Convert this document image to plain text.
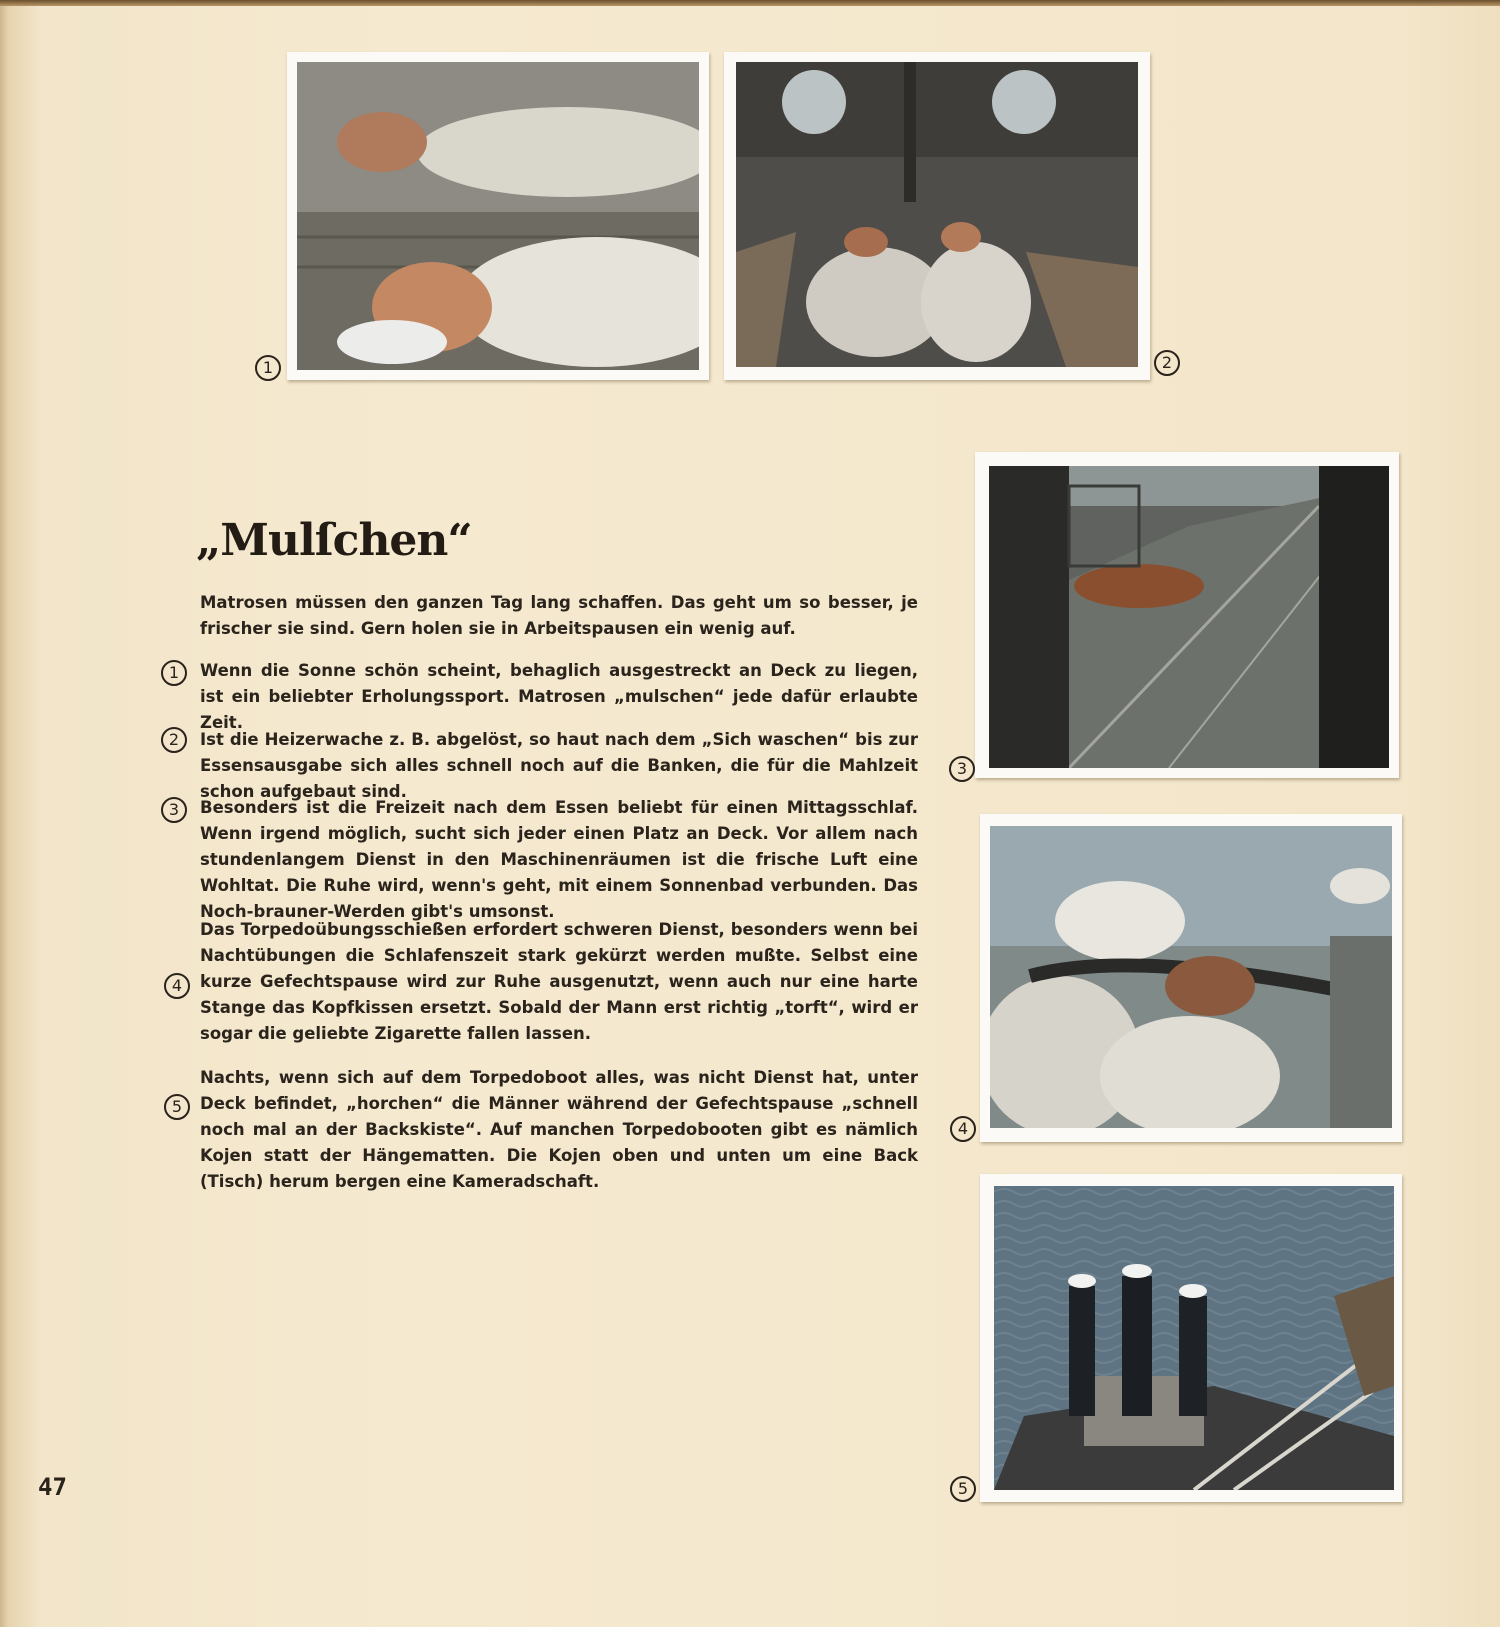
1	2
3
4
5
„Mulſchen“
Matrosen müssen den ganzen Tag lang schaffen. Das geht um so besser, je frischer sie sind. Gern holen sie in Arbeitspausen ein wenig auf.
1	Wenn die Sonne schön scheint, behaglich ausgestreckt an Deck zu liegen, ist ein beliebter Erholungssport. Matrosen „mulschen“ jede dafür erlaubte Zeit.
2	Ist die Heizerwache z. B. abgelöst, so haut nach dem „Sich waschen“ bis zur Essensausgabe sich alles schnell noch auf die Banken, die für die Mahlzeit schon aufgebaut sind.
3	Besonders ist die Freizeit nach dem Essen beliebt für einen Mittagsschlaf. Wenn irgend möglich, sucht sich jeder einen Platz an Deck. Vor allem nach stundenlangem Dienst in den Maschinenräumen ist die frische Luft eine Wohltat. Die Ruhe wird, wenn's geht, mit einem Sonnenbad verbunden. Das Noch-brauner-Werden gibt's umsonst.
4
Das Torpedoübungsschießen erfordert schweren Dienst, besonders wenn bei Nachtübungen die Schlafenszeit stark gekürzt werden mußte. Selbst eine kurze Gefechtspause wird zur Ruhe ausgenutzt, wenn auch nur eine harte Stange das Kopfkissen ersetzt. Sobald der Mann erst richtig „torft“, wird er sogar die geliebte Zigarette fallen lassen.
5
Nachts, wenn sich auf dem Torpedoboot alles, was nicht Dienst hat, unter Deck befindet, „horchen“ die Männer während der Gefechtspause „schnell noch mal an der Backskiste“. Auf manchen Torpedobooten gibt es nämlich Kojen statt der Hängematten. Die Kojen oben und unten um eine Back (Tisch) herum bergen eine Kameradschaft.
47
